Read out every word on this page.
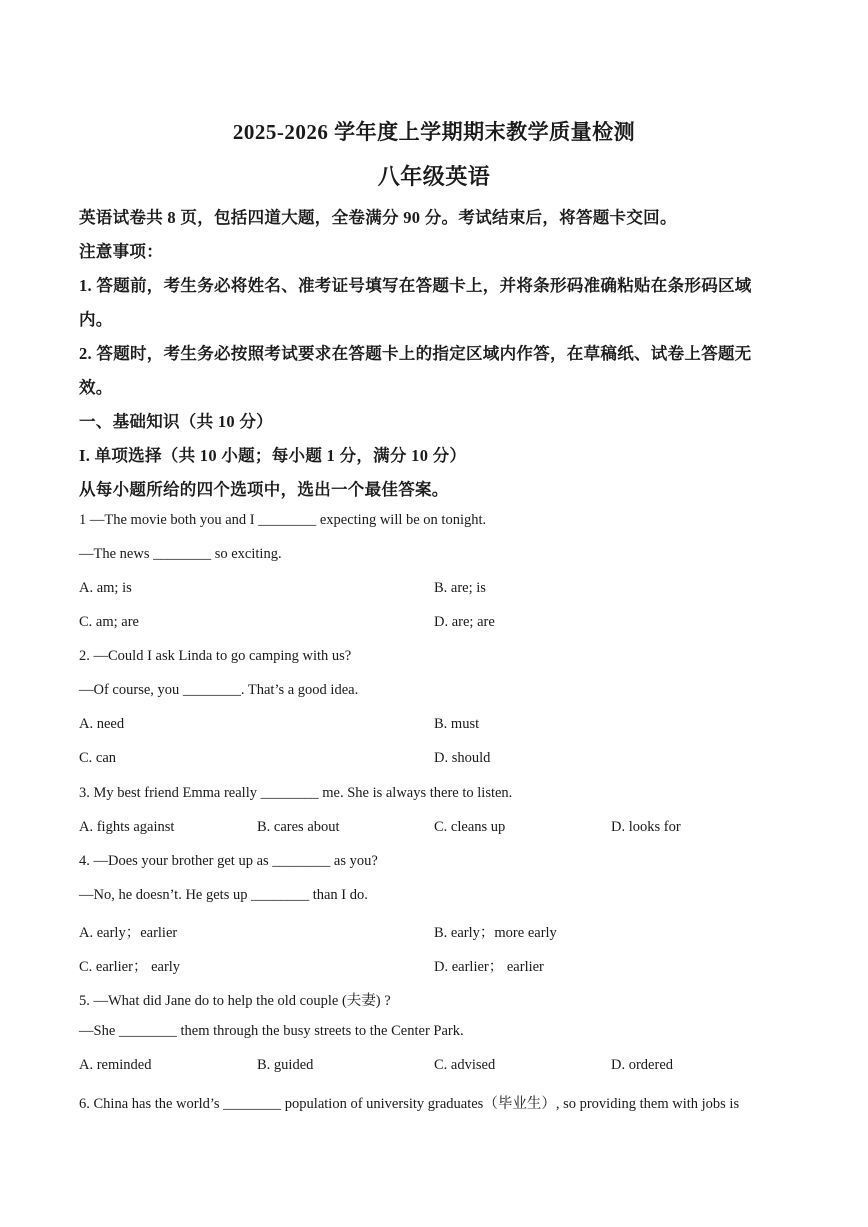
2025-2026 学年度上学期期末教学质量检测
八年级英语
英语试卷共 8 页，包括四道大题，全卷满分 90 分。考试结束后，将答题卡交回。
注意事项：
1. 答题前，考生务必将姓名、准考证号填写在答题卡上，并将条形码准确粘贴在条形码区域
内。
2. 答题时，考生务必按照考试要求在答题卡上的指定区域内作答，在草稿纸、试卷上答题无
效。
一、基础知识（共 10 分）
I. 单项选择（共 10 小题；每小题 1 分，满分 10 分）
从每小题所给的四个选项中，选出一个最佳答案。
1 —The movie both you and I ________ expecting will be on tonight.
—The news ________ so exciting.
A. am; is	B. are; is
C. am; are	D. are; are
2. —Could I ask Linda to go camping with us?
—Of course, you ________. That’s a good idea.
A. need	B. must
C. can	D. should
3. My best friend Emma really ________ me. She is always there to listen.
A. fights against	B. cares about	C. cleans up	D. looks for
4. —Does your brother get up as ________ as you?
—No, he doesn’t. He gets up ________ than I do.
A. early；earlier	B. early；more early
C. earlier； early	D. earlier； earlier
5. —What did Jane do to help the old couple (夫妻) ?
—She ________ them through the busy streets to the Center Park.
A. reminded	B. guided	C. advised	D. ordered
6. China has the world’s ________ population of university graduates（毕业生）, so providing them with jobs is
